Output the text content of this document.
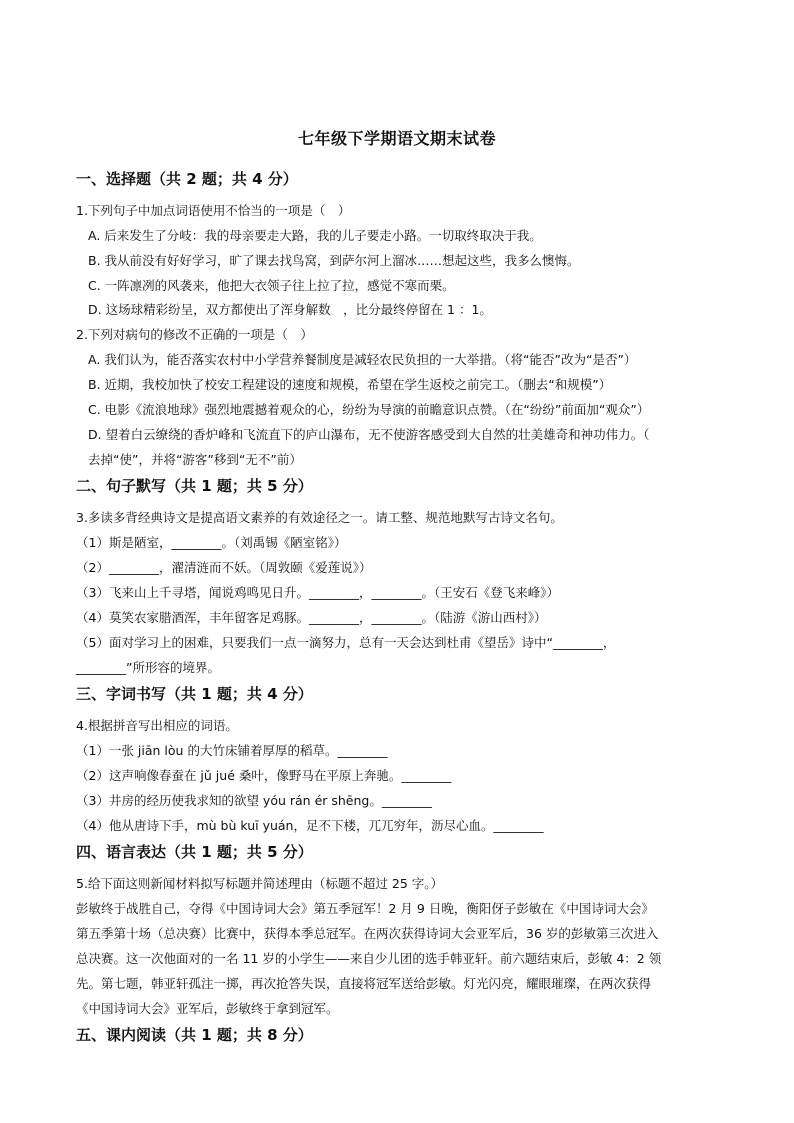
七年级下学期语文期末试卷
一、选择题（共 2 题；共 4 分）
1.下列句子中加点词语使用不恰当的一项是（　）
A. 后来发生了分岐：我的母亲要走大路，我的儿子要走小路。一切取终取决于我。
B. 我从前没有好好学习，旷了课去找鸟窝，到萨尔河上溜冰……想起这些，我多么懊悔。
C. 一阵凛冽的风袭来，他把大衣领子往上拉了拉，感觉不寒而栗。
D. 这场球精彩纷呈，双方都使出了浑身解数　，比分最终停留在 1 ：1。
2.下列对病句的修改不正确的一项是（　）
A. 我们认为，能否落实农村中小学营养餐制度是减轻农民负担的一大举措。（将“能否”改为“是否”）
B. 近期，我校加快了校安工程建设的速度和规模，希望在学生返校之前完工。（删去“和规模”）
C. 电影《流浪地球》强烈地震撼着观众的心，纷纷为导演的前瞻意识点赞。（在“纷纷”前面加“观众”）
D. 望着白云缭绕的香炉峰和飞流直下的庐山瀑布，无不使游客感受到大自然的壮美雄奇和神功伟力。（
去掉“使”，并将“游客”移到“无不”前）
二、句子默写（共 1 题；共 5 分）
3.多读多背经典诗文是提高语文素养的有效途径之一。请工整、规范地默写古诗文名句。
（1）斯是陋室，________。（刘禹锡《陋室铭》）
（2）________，濯清涟而不妖。（周敦颐《爱莲说》）
（3）飞来山上千寻塔，闻说鸡鸣见日升。________，________。（王安石《登飞来峰》）
（4）莫笑农家腊酒浑，丰年留客足鸡豚。________，________。（陆游《游山西村》）
（5）面对学习上的困难，只要我们一点一滴努力，总有一天会达到杜甫《望岳》诗中“________，
________”所形容的境界。
三、字词书写（共 1 题；共 4 分）
4.根据拼音写出相应的词语。
（1）一张 jiān lòu 的大竹床铺着厚厚的稻草。________
（2）这声响像春蚕在 jǔ jué 桑叶，像野马在平原上奔驰。________
（3）井房的经历使我求知的欲望 yóu rán ér shēng。________
（4）他从唐诗下手，mù bù kuī yuán，足不下楼，兀兀穷年，沥尽心血。________
四、语言表达（共 1 题；共 5 分）
5.给下面这则新闻材料拟写标题并简述理由（标题不超过 25 字。）
彭敏终于战胜自己，夺得《中国诗词大会》第五季冠军！2 月 9 日晚，衡阳伢子彭敏在《中国诗词大会》
第五季第十场（总决赛）比赛中，获得本季总冠军。在两次获得诗词大会亚军后，36 岁的彭敏第三次进入
总决赛。这一次他面对的一名 11 岁的小学生——来自少儿团的选手韩亚轩。前六题结束后，彭敏 4：2 领
先。第七题，韩亚轩孤注一掷，再次抢答失误，直接将冠军送给彭敏。灯光闪亮，耀眼璀璨，在两次获得
《中国诗词大会》亚军后，彭敏终于拿到冠军。
五、课内阅读（共 1 题；共 8 分）
